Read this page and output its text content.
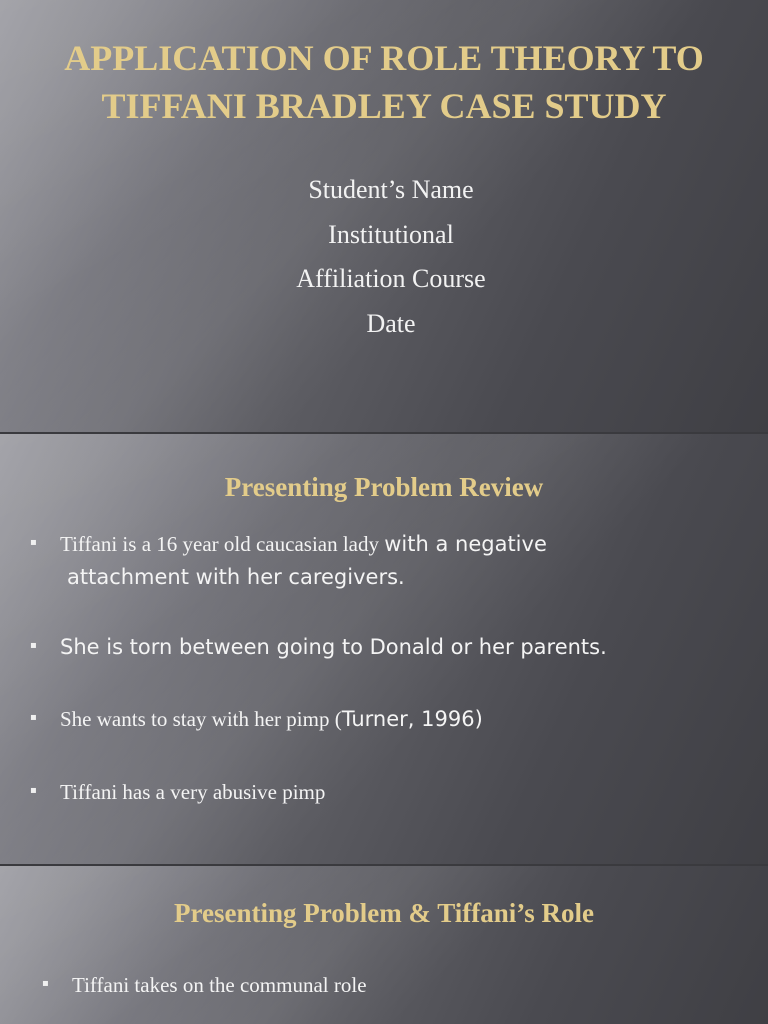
APPLICATION OF ROLE THEORY TO
TIFFANI BRADLEY CASE STUDY
Student’s Name
Institutional
Affiliation Course
Date
Presenting Problem Review
▪ Tiffani is a 16 year old caucasian lady with a negative
attachment with her caregivers.
▪ She is torn between going to Donald or her parents.
▪ She wants to stay with her pimp (Turner, 1996)
▪ Tiffani has a very abusive pimp
Presenting Problem & Tiffani’s Role
▪ Tiffani takes on the communal role
